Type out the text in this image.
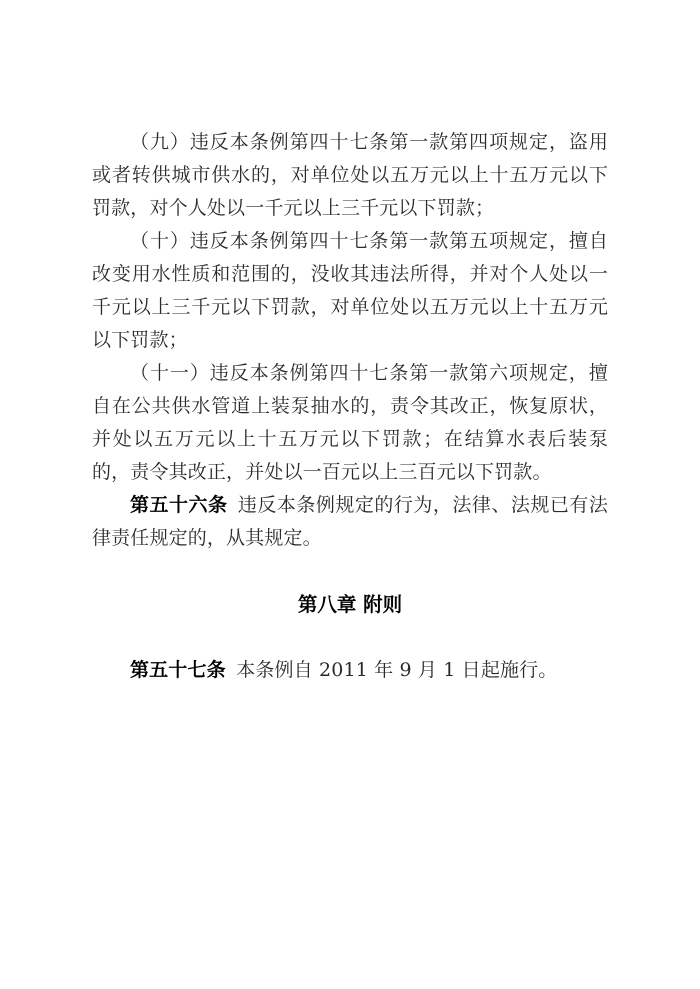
（九）违反本条例第四十七条第一款第四项规定，盗用或者转供城市供水的，对单位处以五万元以上十五万元以下罚款，对个人处以一千元以上三千元以下罚款；

（十）违反本条例第四十七条第一款第五项规定，擅自改变用水性质和范围的，没收其违法所得，并对个人处以一千元以上三千元以下罚款，对单位处以五万元以上十五万元以下罚款；

（十一）违反本条例第四十七条第一款第六项规定，擅自在公共供水管道上装泵抽水的，责令其改正，恢复原状，并处以五万元以上十五万元以下罚款；在结算水表后装泵的，责令其改正，并处以一百元以上三百元以下罚款。

第五十六条 违反本条例规定的行为，法律、法规已有法律责任规定的，从其规定。

第八章 附则

第五十七条 本条例自 2011 年 9 月 1 日起施行。
